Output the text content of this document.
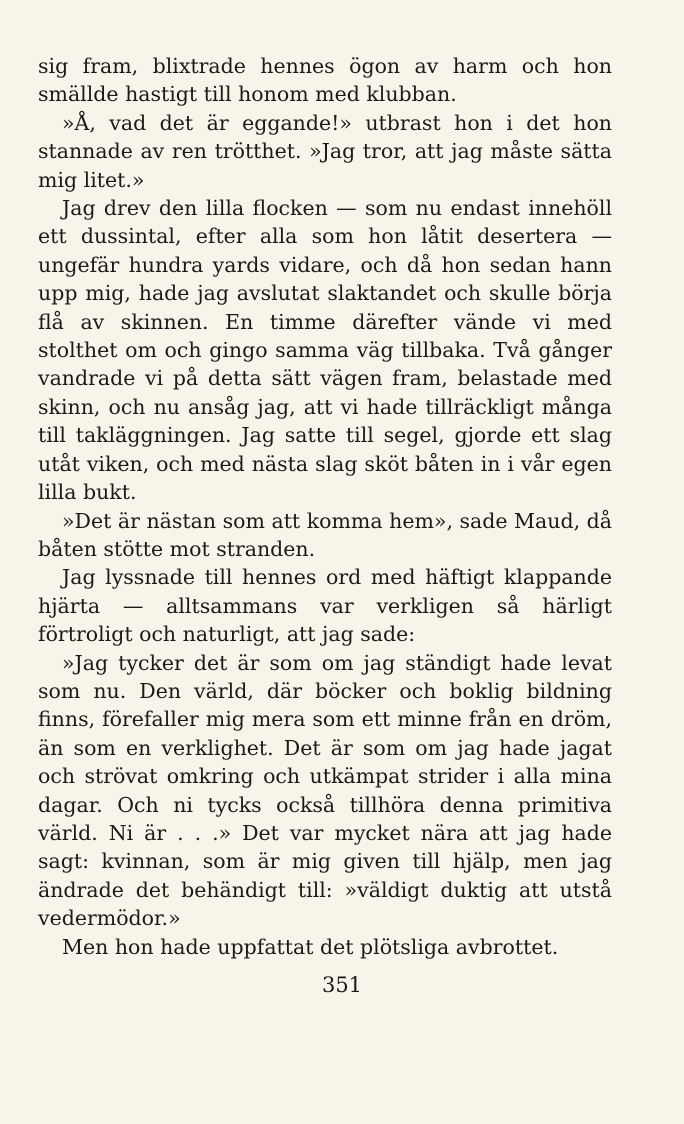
sig fram, blixtrade hennes ögon av harm och hon smällde hastigt till honom med klubban.

»Å, vad det är eggande!» utbrast hon i det hon stannade av ren trötthet. »Jag tror, att jag måste sätta mig litet.»

Jag drev den lilla flocken — som nu endast innehöll ett dussintal, efter alla som hon låtit desertera — ungefär hundra yards vidare, och då hon sedan hann upp mig, hade jag avslutat slaktandet och skulle börja flå av skinnen. En timme därefter vände vi med stolthet om och gingo samma väg tillbaka. Två gånger vandrade vi på detta sätt vägen fram, belastade med skinn, och nu ansåg jag, att vi hade tillräckligt många till takläggningen. Jag satte till segel, gjorde ett slag utåt viken, och med nästa slag sköt båten in i vår egen lilla bukt.

»Det är nästan som att komma hem», sade Maud, då båten stötte mot stranden.

Jag lyssnade till hennes ord med häftigt klappande hjärta — alltsammans var verkligen så härligt förtroligt och naturligt, att jag sade:

»Jag tycker det är som om jag ständigt hade levat som nu. Den värld, där böcker och boklig bildning finns, förefaller mig mera som ett minne från en dröm, än som en verklighet. Det är som om jag hade jagat och strövat omkring och utkämpat strider i alla mina dagar. Och ni tycks också tillhöra denna primitiva värld. Ni är . . .» Det var mycket nära att jag hade sagt: kvinnan, som är mig given till hjälp, men jag ändrade det behändigt till: »väldigt duktig att utstå vedermödor.»

Men hon hade uppfattat det plötsliga avbrottet.

351
